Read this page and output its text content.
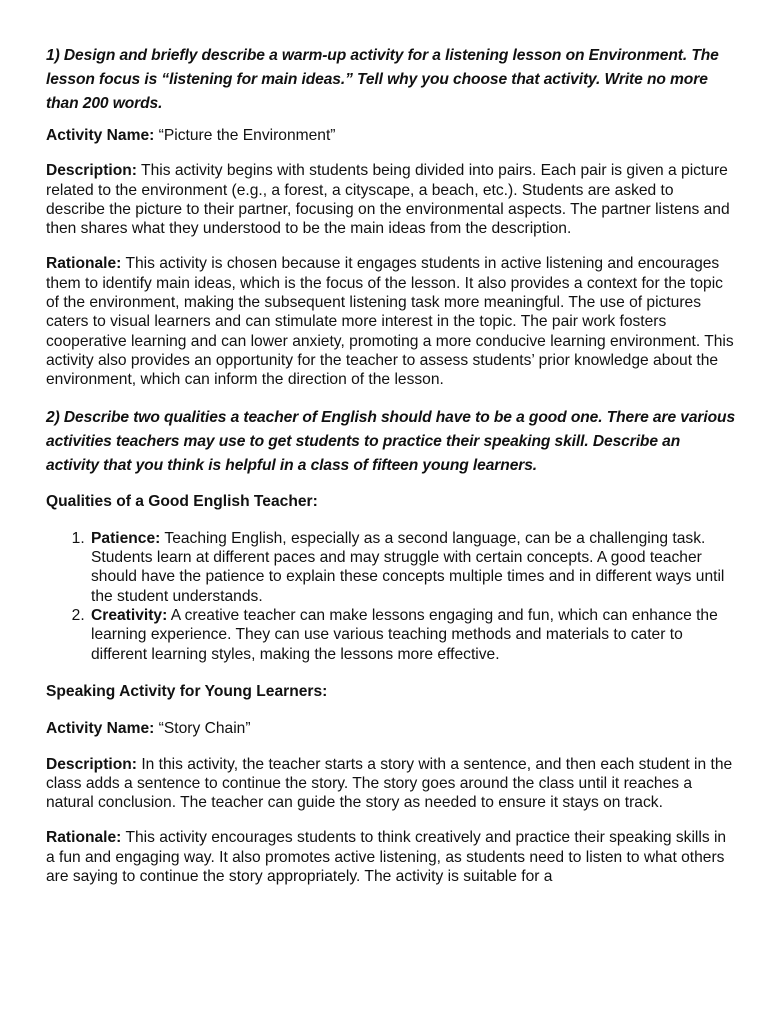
1) Design and briefly describe a warm-up activity for a listening lesson on Environment. The lesson focus is “listening for main ideas.” Tell why you choose that activity. Write no more than 200 words.

Activity Name: “Picture the Environment”

Description: This activity begins with students being divided into pairs. Each pair is given a picture related to the environment (e.g., a forest, a cityscape, a beach, etc.). Students are asked to describe the picture to their partner, focusing on the environmental aspects. The partner listens and then shares what they understood to be the main ideas from the description.

Rationale: This activity is chosen because it engages students in active listening and encourages them to identify main ideas, which is the focus of the lesson. It also provides a context for the topic of the environment, making the subsequent listening task more meaningful. The use of pictures caters to visual learners and can stimulate more interest in the topic. The pair work fosters cooperative learning and can lower anxiety, promoting a more conducive learning environment. This activity also provides an opportunity for the teacher to assess students’ prior knowledge about the environment, which can inform the direction of the lesson.

2) Describe two qualities a teacher of English should have to be a good one. There are various activities teachers may use to get students to practice their speaking skill. Describe an activity that you think is helpful in a class of fifteen young learners.
Qualities of a Good English Teacher:
1. Patience: Teaching English, especially as a second language, can be a challenging task. Students learn at different paces and may struggle with certain concepts. A good teacher should have the patience to explain these concepts multiple times and in different ways until the student understands.
2. Creativity: A creative teacher can make lessons engaging and fun, which can enhance the learning experience. They can use various teaching methods and materials to cater to different learning styles, making the lessons more effective.
Speaking Activity for Young Learners:

Activity Name: “Story Chain”

Description: In this activity, the teacher starts a story with a sentence, and then each student in the class adds a sentence to continue the story. The story goes around the class until it reaches a natural conclusion. The teacher can guide the story as needed to ensure it stays on track.

Rationale: This activity encourages students to think creatively and practice their speaking skills in a fun and engaging way. It also promotes active listening, as students need to listen to what others are saying to continue the story appropriately. The activity is suitable for a
